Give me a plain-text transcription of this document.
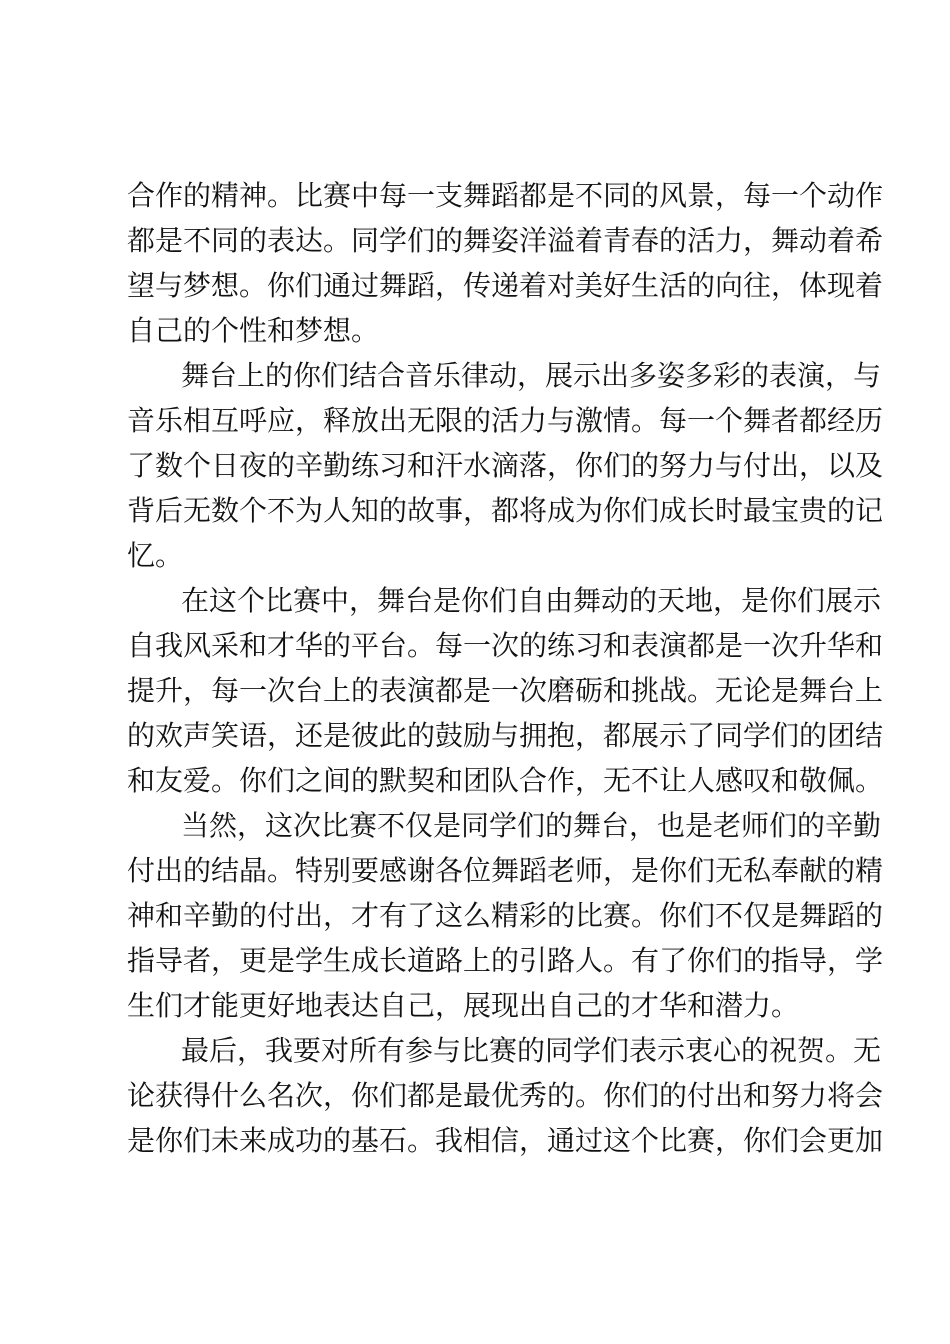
合作的精神。比赛中每一支舞蹈都是不同的风景，每一个动作
都是不同的表达。同学们的舞姿洋溢着青春的活力，舞动着希
望与梦想。你们通过舞蹈，传递着对美好生活的向往，体现着
自己的个性和梦想。
舞台上的你们结合音乐律动，展示出多姿多彩的表演，与
音乐相互呼应，释放出无限的活力与激情。每一个舞者都经历
了数个日夜的辛勤练习和汗水滴落，你们的努力与付出，以及
背后无数个不为人知的故事，都将成为你们成长时最宝贵的记
忆。
在这个比赛中，舞台是你们自由舞动的天地，是你们展示
自我风采和才华的平台。每一次的练习和表演都是一次升华和
提升，每一次台上的表演都是一次磨砺和挑战。无论是舞台上
的欢声笑语，还是彼此的鼓励与拥抱，都展示了同学们的团结
和友爱。你们之间的默契和团队合作，无不让人感叹和敬佩。
当然，这次比赛不仅是同学们的舞台，也是老师们的辛勤
付出的结晶。特别要感谢各位舞蹈老师，是你们无私奉献的精
神和辛勤的付出，才有了这么精彩的比赛。你们不仅是舞蹈的
指导者，更是学生成长道路上的引路人。有了你们的指导，学
生们才能更好地表达自己，展现出自己的才华和潜力。
最后，我要对所有参与比赛的同学们表示衷心的祝贺。无
论获得什么名次，你们都是最优秀的。你们的付出和努力将会
是你们未来成功的基石。我相信，通过这个比赛，你们会更加
